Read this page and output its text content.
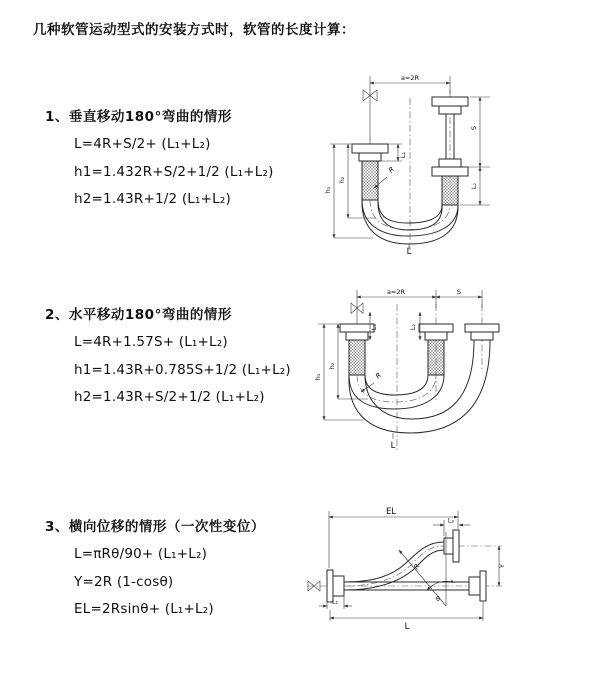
几种软管运动型式的安装方式时，软管的长度计算：
1、垂直移动180°弯曲的情形
L=4R+S/2+ (L₁+L₂)
h1=1.432R+S/2+1/2 (L₁+L₂)
h2=1.43R+1/2 (L₁+L₂)
a=2R
R
L₁
S
L₂
h₂
h₁
L
2、水平移动180°弯曲的情形
L=4R+1.57S+ (L₁+L₂)
h1=1.43R+0.785S+1/2 (L₁+L₂)
h2=1.43R+S/2+1/2 (L₁+L₂)
a=2R	S
L₁	L₂
h₂
h₁	R
L
3、横向位移的情形（一次性变位）
L=πRθ/90+ (L₁+L₂)
Y=2R (1-cosθ)
EL=2Rsinθ+ (L₁+L₂)
EL
L₂
Y
R
θ
L₁
L
